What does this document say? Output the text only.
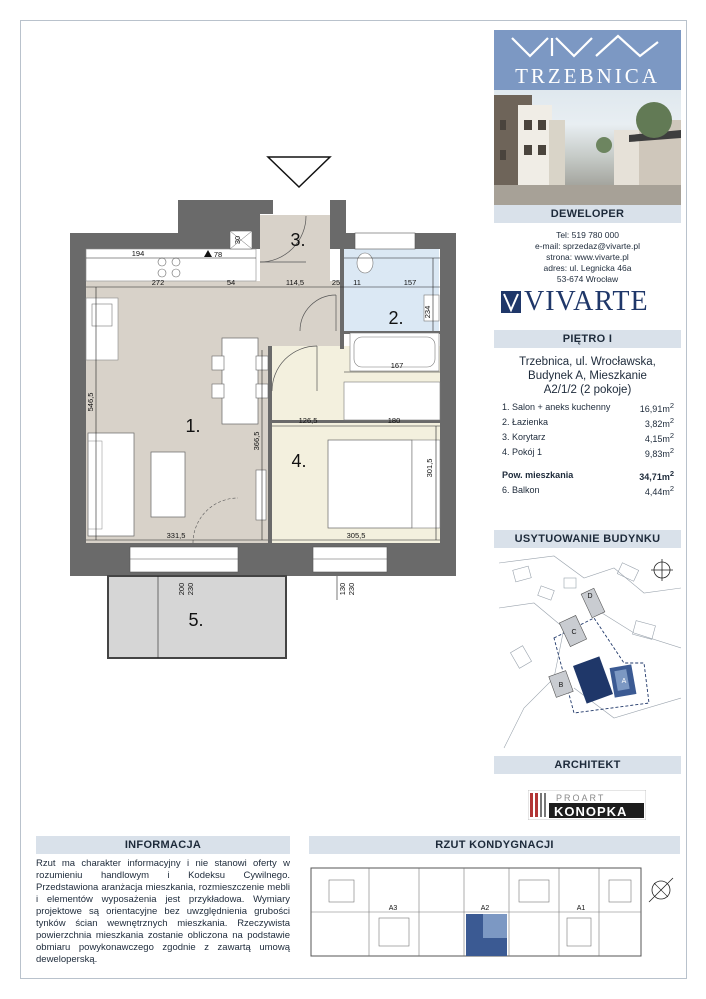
194
272	54	114,5	25 11	157
234
167
546,5
366,5
126,5	180
301,5
331,5	305,5
200 230	130 230
30
78
1.
2.
3.
4.
5.
TRZEBNICA
DEWELOPER
Tel: 519 780 000
e-mail: sprzedaz@vivarte.pl
strona: www.vivarte.pl
adres: ul. Legnicka 46a
53-674 Wrocław
VIVARTE
PIĘTRO I
Trzebnica, ul. Wrocławska,
Budynek A, Mieszkanie
A2/1/2 (2 pokoje)
1. Salon + aneks kuchenny	$16,91m^2$
2. Łazienka	$3,82m^2$
3. Korytarz	$4,15m^2$
4. Pokój 1	$9,83m^2$

Pow. mieszkania	$34,71m^2$
6. Balkon	$4,44m^2$
USYTUOWANIE BUDYNKU
D
C
B
A
ARCHITEKT
PROART
KONOPKA
INFORMACJA
Rzut ma charakter informacyjny i nie stanowi oferty w rozumieniu handlowym i Kodeksu Cywilnego. Przedstawiona aranżacja mieszkania, rozmieszczenie mebli i elementów wyposażenia jest przykładowa. Wymiary projektowe są orientacyjne bez uwzględnienia grubości tynków ścian wewnętrznych mieszkania. Rzeczywista powierzchnia mieszkania zostanie obliczona na podstawie obmiaru powykonawczego zgodnie z zawartą umową deweloperską.
RZUT KONDYGNACJI
A3	A2	A1
